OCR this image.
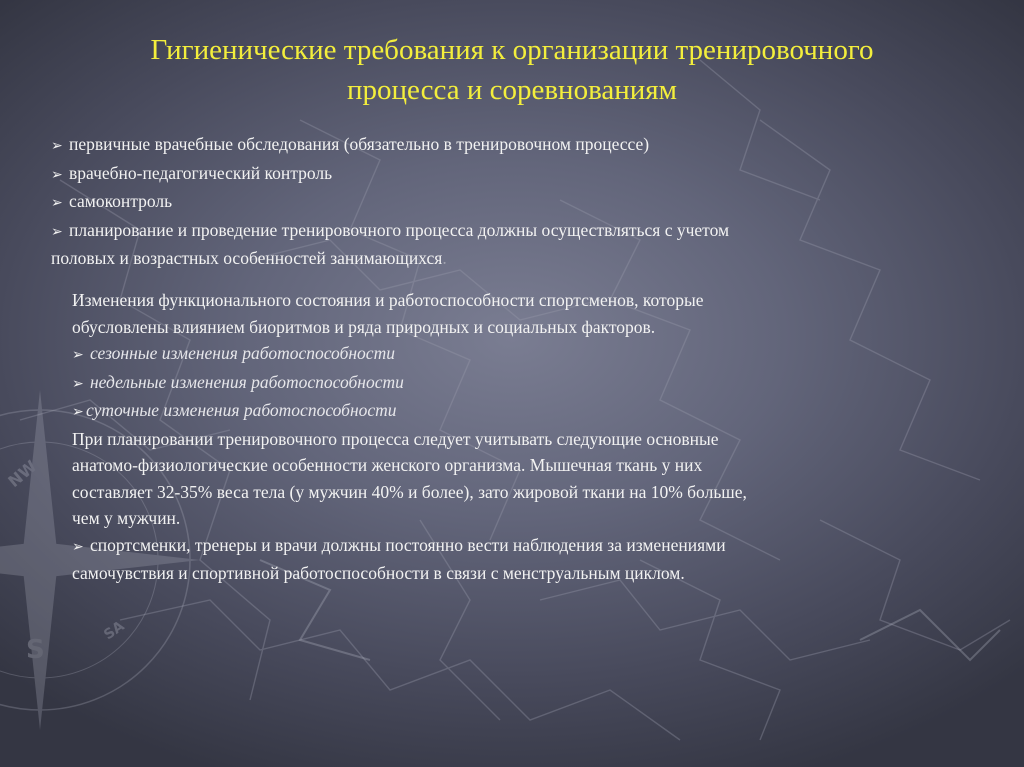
NW
S
SA
Гигиенические требования к организации тренировочного
процесса и соревнованиям
➢ первичные врачебные обследования (обязательно в тренировочном процессе)
➢ врачебно-педагогический контроль
➢ самоконтроль
➢ планирование и проведение тренировочного процесса должны осуществляться с учетом
половых и возрастных особенностей занимающихся.
Изменения функционального состояния и работоспособности спортсменов, которые
обусловлены влиянием биоритмов и ряда природных и социальных факторов.
➢ сезонные изменения работоспособности
➢ недельные изменения работоспособности
➢ суточные изменения работоспособности
При планировании тренировочного процесса следует учитывать следующие основные
анатомо-физиологические особенности женского организма. Мышечная ткань у них
составляет 32-35% веса тела (у мужчин 40% и более), зато жировой ткани на 10% больше,
чем у мужчин.
➢ спортсменки, тренеры и врачи должны постоянно вести наблюдения за изменениями
самочувствия и спортивной работоспособности в связи с менструальным циклом.
